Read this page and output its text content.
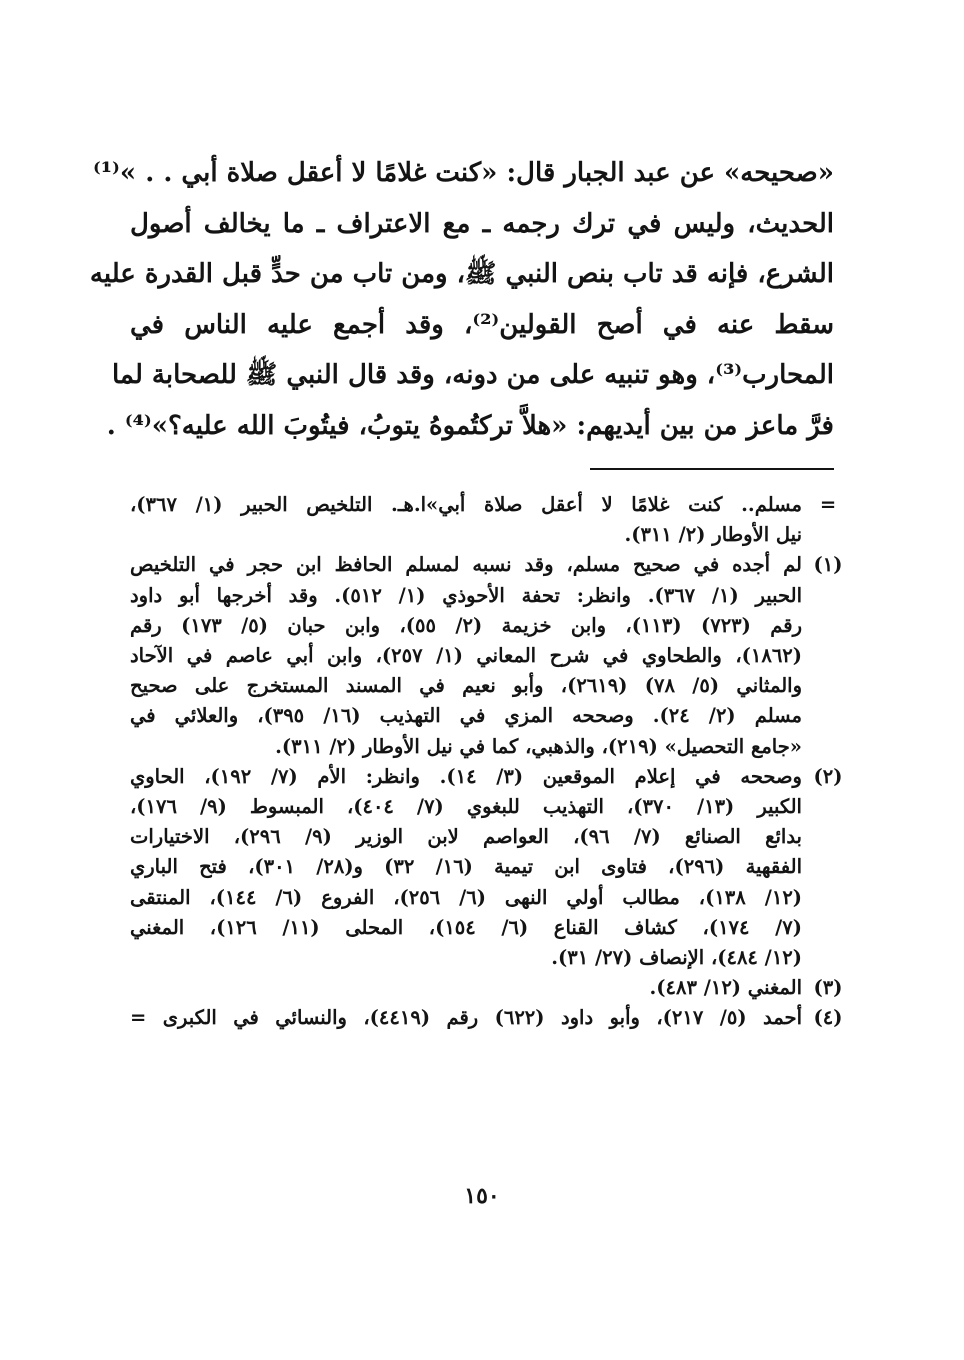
«صحيحه» عن عبد الجبار قال: «كنت غلامًا لا أعقل صلاة أبي . . »⁽¹⁾
الحديث، وليس في ترك رجمه ـ مع الاعتراف ـ ما يخالف أصول
الشرع، فإنه قد تاب بنص النبي ﷺ، ومن تاب من حدٍّ قبل القدرة عليه
سقط عنه في أصح القولين⁽²⁾، وقد أجمع عليه الناس في
المحارب⁽³⁾، وهو تنبيه على من دونه، وقد قال النبي ﷺ للصحابة لما
فرَّ ماعز من بين أيديهم: «هلاَّ تركتُموهُ يتوبُ، فيتُوبَ الله عليه؟»⁽⁴⁾ .
=
مسلم.. كنت غلامًا لا أعقل صلاة أبي»ا.هـ. التلخيص الحبير (١/ ٣٦٧)،
نيل الأوطار (٢/ ٣١١).
(١)
لم أجده في صحيح مسلم، وقد نسبه لمسلم الحافظ ابن حجر في التلخيص
الحبير (١/ ٣٦٧). وانظر: تحفة الأحوذي (١/ ٥١٢). وقد أخرجها أبو داود
رقم (٧٢٣) (١١٣)، وابن خزيمة (٢/ ٥٥)، وابن حبان (٥/ ١٧٣) رقم
(١٨٦٢)، والطحاوي في شرح المعاني (١/ ٢٥٧)، وابن أبي عاصم في الآحاد
والمثاني (٥/ ٧٨) (٢٦١٩)، وأبو نعيم في المسند المستخرج على صحيح
مسلم (٢/ ٢٤). وصححه المزي في التهذيب (١٦/ ٣٩٥)، والعلائي في
«جامع التحصيل» (٢١٩)، والذهبي، كما في نيل الأوطار (٢/ ٣١١).
(٢)
وصححه في إعلام الموقعين (٣/ ١٤). وانظر: الأم (٧/ ١٩٢)، الحاوي
الكبير (١٣/ ٣٧٠)، التهذيب للبغوي (٧/ ٤٠٤)، المبسوط (٩/ ١٧٦)،
بدائع الصنائع (٧/ ٩٦)، العواصم لابن الوزير (٩/ ٢٩٦)، الاختيارات
الفقهية (٢٩٦)، فتاوى ابن تيمية (١٦/ ٣٢) و(٢٨/ ٣٠١)، فتح الباري
(١٢/ ١٣٨)، مطالب أولي النهى (٦/ ٢٥٦)، الفروع (٦/ ١٤٤)، المنتقى
(٧/ ١٧٤)، كشاف القناع (٦/ ١٥٤)، المحلى (١١/ ١٢٦)، المغني
(١٢/ ٤٨٤)، الإنصاف (٢٧/ ٣١).
(٣)
المغني (١٢/ ٤٨٣).
(٤)
أحمد (٥/ ٢١٧)، وأبو داود (٦٢٢) رقم (٤٤١٩)، والنسائي في الكبرى =
١٥٠
